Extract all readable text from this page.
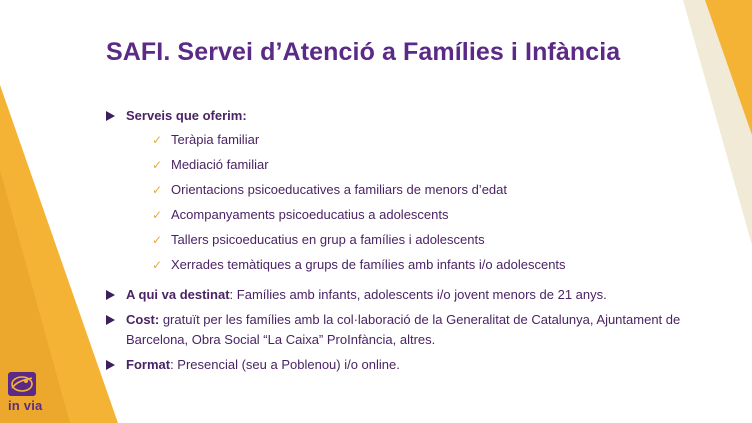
SAFI. Servei d’Atenció a Famílies i Infància
Serveis que oferim:
✓ Teràpia familiar
✓ Mediació familiar
✓ Orientacions psicoeducatives a familiars de menors d’edat
✓ Acompanyaments psicoeducatius a adolescents
✓ Tallers psicoeducatius en grup a famílies i adolescents
✓ Xerrades temàtiques a grups de famílies amb infants i/o adolescents
A qui va destinat: Famílies amb infants, adolescents i/o jovent menors de 21 anys.
Cost: gratuït per les famílies amb la col·laboració de la Generalitat de Catalunya, Ajuntament de Barcelona, Obra Social “La Caixa” ProInfància, altres.
Format: Presencial (seu a Poblenou) i/o online.
in via
